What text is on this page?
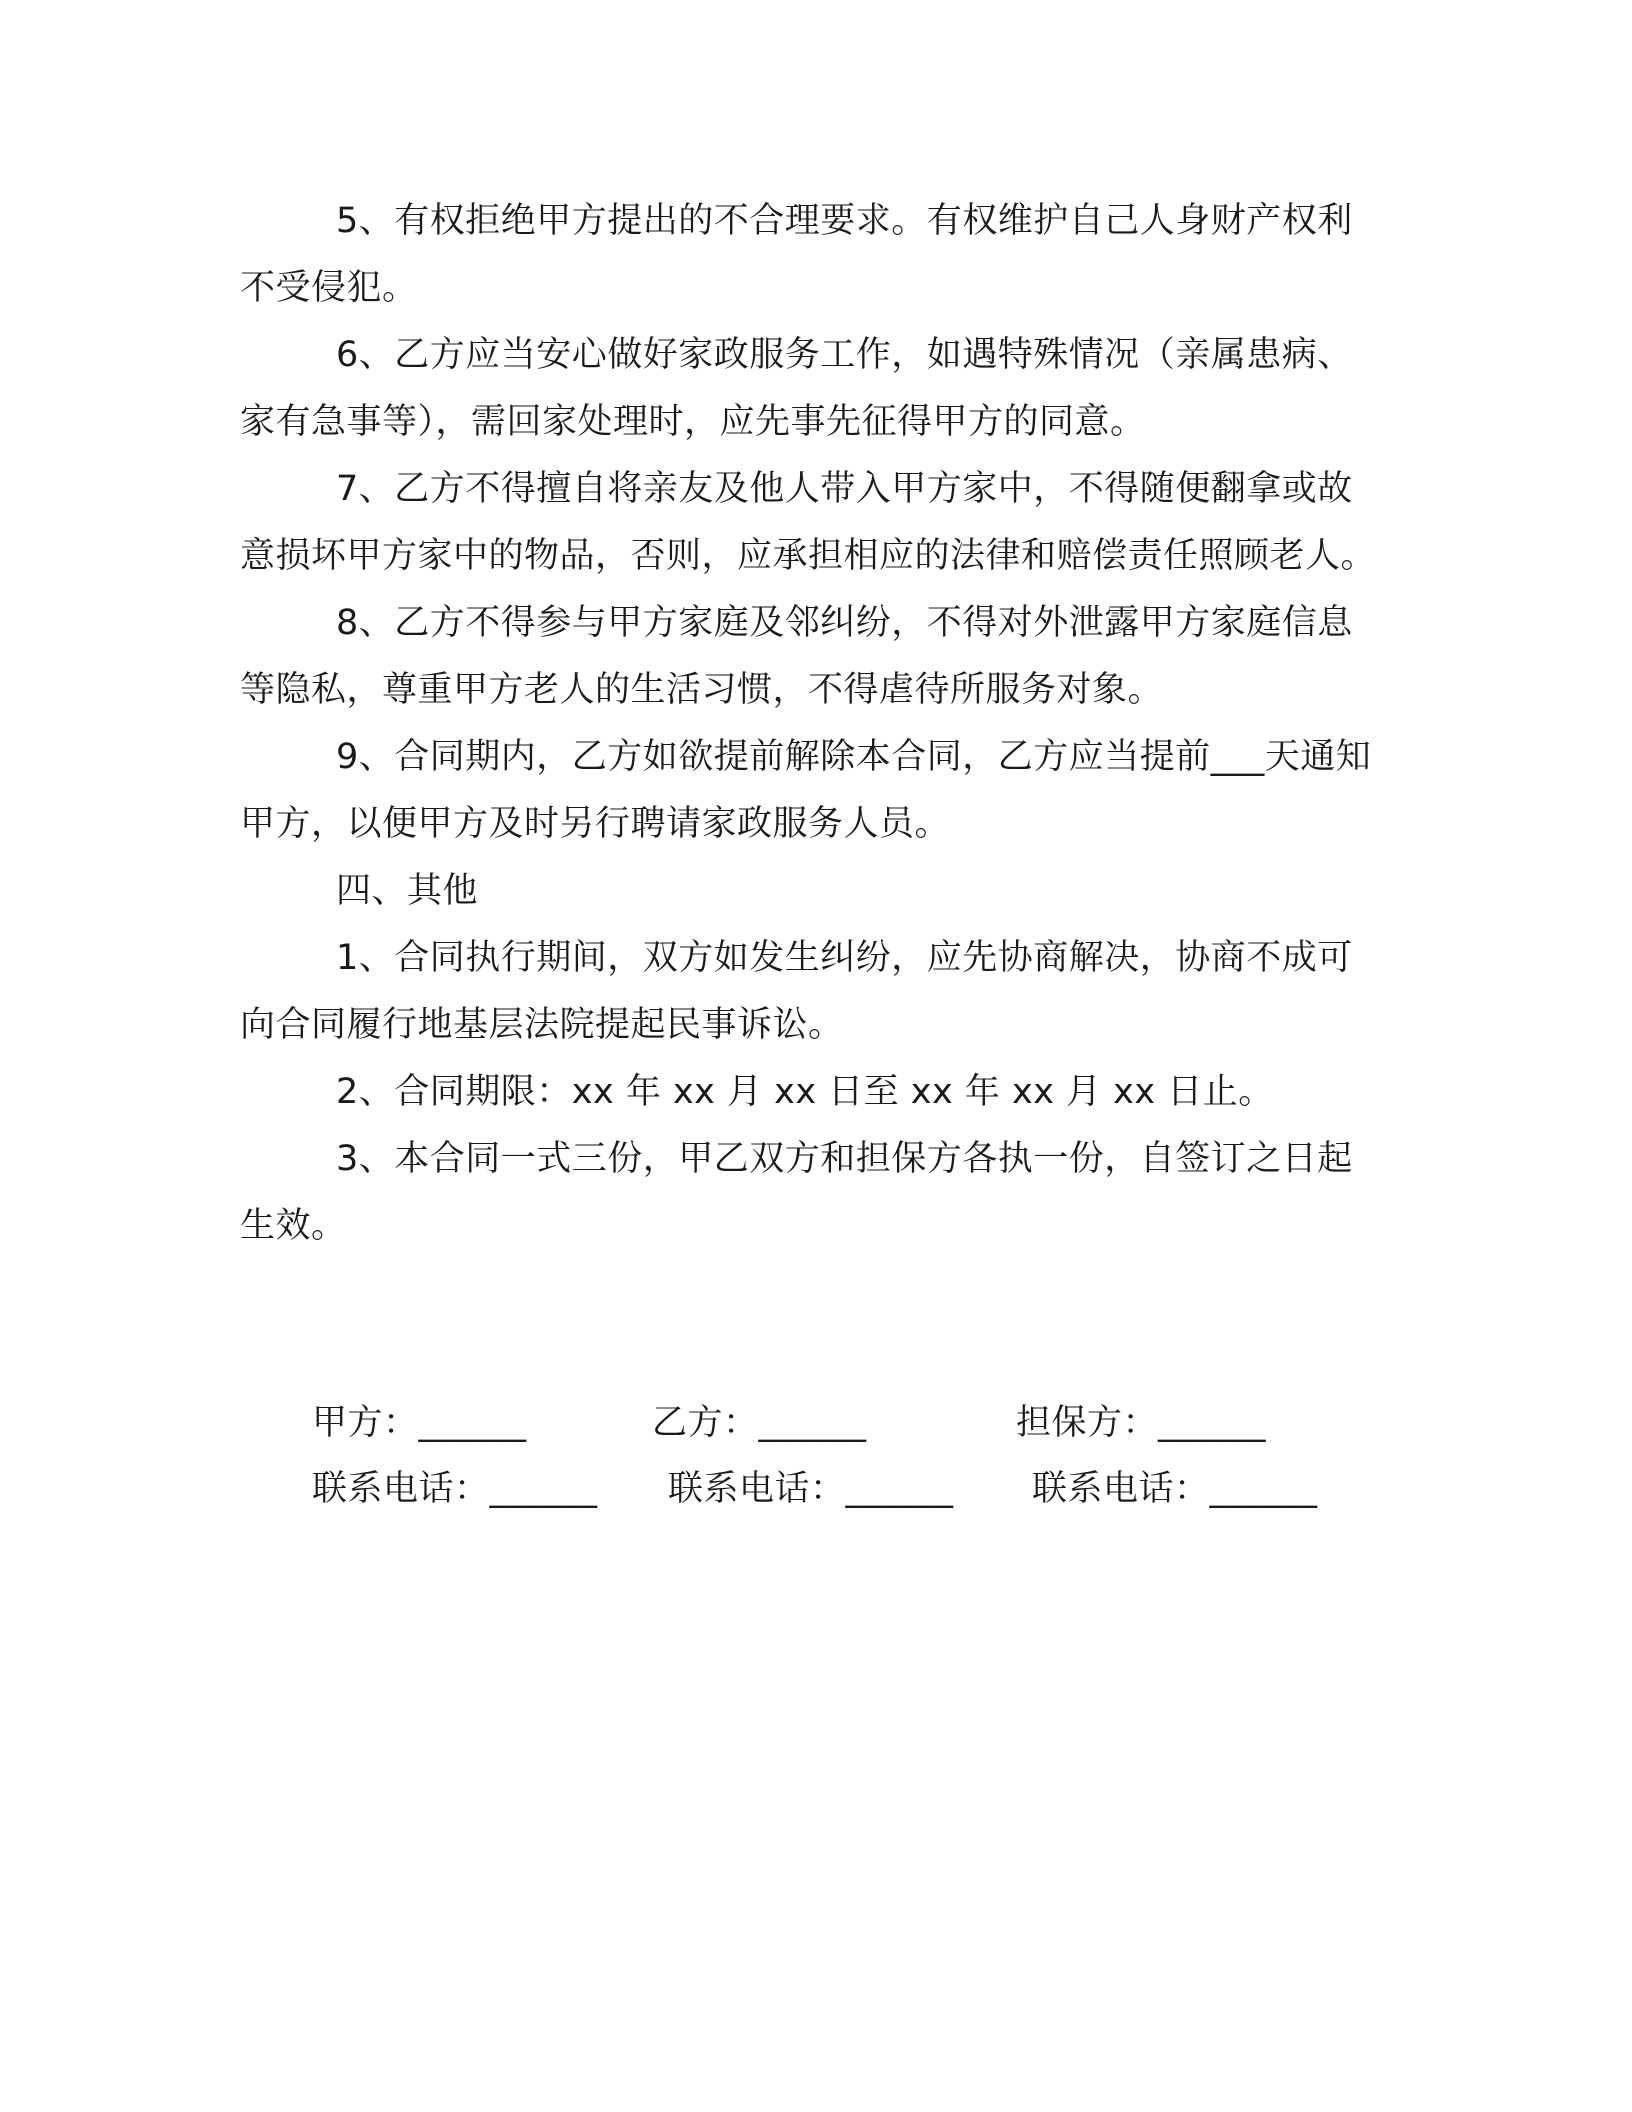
5、有权拒绝甲方提出的不合理要求。有权维护自己人身财产权利不受侵犯。

6、乙方应当安心做好家政服务工作，如遇特殊情况（亲属患病、家有急事等），需回家处理时，应先事先征得甲方的同意。

7、乙方不得擅自将亲友及他人带入甲方家中，不得随便翻拿或故意损坏甲方家中的物品，否则，应承担相应的法律和赔偿责任照顾老人。

8、乙方不得参与甲方家庭及邻纠纷，不得对外泄露甲方家庭信息等隐私，尊重甲方老人的生活习惯，不得虐待所服务对象。

9、合同期内，乙方如欲提前解除本合同，乙方应当提前___天通知甲方，以便甲方及时另行聘请家政服务人员。

四、其他

1、合同执行期间，双方如发生纠纷，应先协商解决，协商不成可向合同履行地基层法院提起民事诉讼。

2、合同期限：xx 年 xx 月 xx 日至 xx 年 xx 月 xx 日止。

3、本合同一式三份，甲乙双方和担保方各执一份，自签订之日起生效。

甲方：______	乙方：______	担保方：______
联系电话：______ 联系电话：______ 联系电话：______
